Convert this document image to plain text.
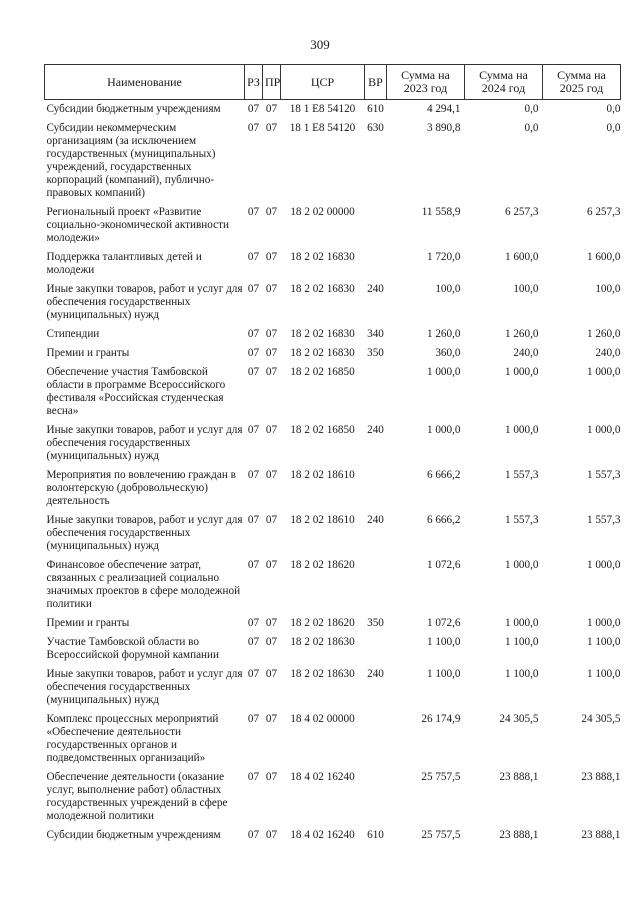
309
Наименование	РЗ	ПР	ЦСР	ВР	Сумма на 2023 год	Сумма на 2024 год	Сумма на 2025 год
Субсидии бюджетным учреждениям	07	07	18 1 E8 54120	610	4 294,1	0,0	0,0
Субсидии некоммерческим организациям (за исключением государственных (муниципальных) учреждений, государственных корпораций (компаний), публично-правовых компаний)	07	07	18 1 E8 54120	630	3 890,8	0,0	0,0
Региональный проект «Развитие социально-экономической активности молодежи»	07	07	18 2 02 00000		11 558,9	6 257,3	6 257,3
Поддержка талантливых детей и молодежи	07	07	18 2 02 16830		1 720,0	1 600,0	1 600,0
Иные закупки товаров, работ и услуг для обеспечения государственных (муниципальных) нужд	07	07	18 2 02 16830	240	100,0	100,0	100,0
Стипендии	07	07	18 2 02 16830	340	1 260,0	1 260,0	1 260,0
Премии и гранты	07	07	18 2 02 16830	350	360,0	240,0	240,0
Обеспечение участия Тамбовской области в программе Всероссийского фестиваля «Российская студенческая весна»	07	07	18 2 02 16850		1 000,0	1 000,0	1 000,0
Иные закупки товаров, работ и услуг для обеспечения государственных (муниципальных) нужд	07	07	18 2 02 16850	240	1 000,0	1 000,0	1 000,0
Мероприятия по вовлечению граждан в волонтерскую (добровольческую) деятельность	07	07	18 2 02 18610		6 666,2	1 557,3	1 557,3
Иные закупки товаров, работ и услуг для обеспечения государственных (муниципальных) нужд	07	07	18 2 02 18610	240	6 666,2	1 557,3	1 557,3
Финансовое обеспечение затрат, связанных с реализацией социально значимых проектов в сфере молодежной политики	07	07	18 2 02 18620		1 072,6	1 000,0	1 000,0
Премии и гранты	07	07	18 2 02 18620	350	1 072,6	1 000,0	1 000,0
Участие Тамбовской области во Всероссийской форумной кампании	07	07	18 2 02 18630		1 100,0	1 100,0	1 100,0
Иные закупки товаров, работ и услуг для обеспечения государственных (муниципальных) нужд	07	07	18 2 02 18630	240	1 100,0	1 100,0	1 100,0
Комплекс процессных мероприятий «Обеспечение деятельности государственных органов и подведомственных организаций»	07	07	18 4 02 00000		26 174,9	24 305,5	24 305,5
Обеспечение деятельности (оказание услуг, выполнение работ) областных государственных учреждений в сфере молодежной политики	07	07	18 4 02 16240		25 757,5	23 888,1	23 888,1
Субсидии бюджетным учреждениям	07	07	18 4 02 16240	610	25 757,5	23 888,1	23 888,1
